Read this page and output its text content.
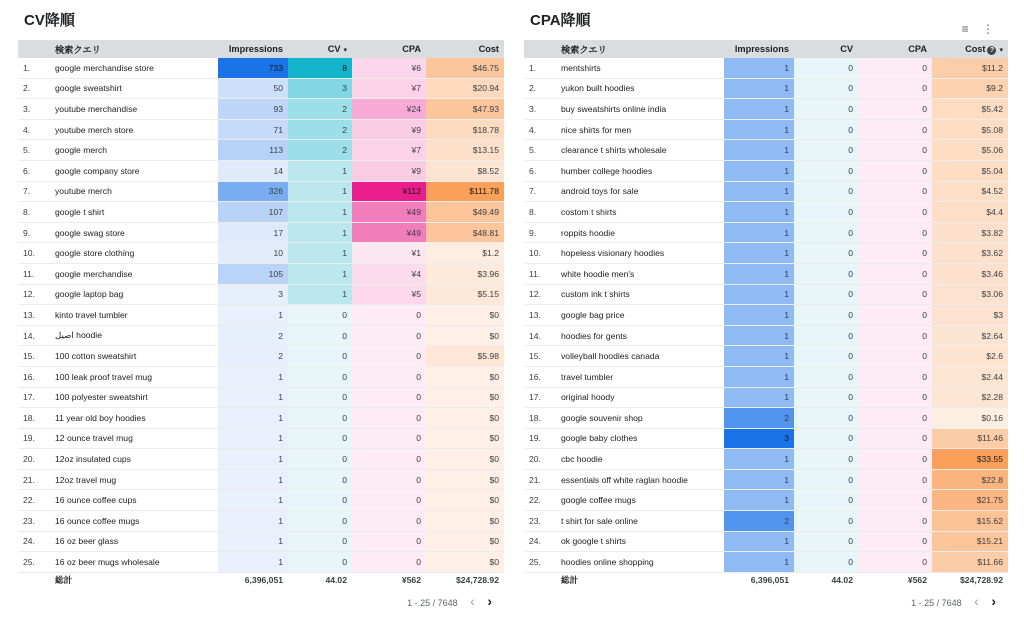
CV降順
	検索クエリ	Impressions	CV ▾	CPA	Cost
1.	google merchandise store	733	8	¥6	$46.75
2.	google sweatshirt	50	3	¥7	$20.94
3.	youtube merchandise	93	2	¥24	$47.93
4.	youtube merch store	71	2	¥9	$18.78
5.	google merch	113	2	¥7	$13.15
6.	google company store	14	1	¥9	$8.52
7.	youtube merch	326	1	¥112	$111.78
8.	google t shirt	107	1	¥49	$49.49
9.	google swag store	17	1	¥49	$48.81
10.	google store clothing	10	1	¥1	$1.2
11.	google merchandise	105	1	¥4	$3.96
12.	google laptop bag	3	1	¥5	$5.15
13.	kinto travel tumbler	1	0	0	$0
14.	اصيل hoodie	2	0	0	$0
15.	100 cotton sweatshirt	2	0	0	$5.98
16.	100 leak proof travel mug	1	0	0	$0
17.	100 polyester sweatshirt	1	0	0	$0
18.	11 year old boy hoodies	1	0	0	$0
19.	12 ounce travel mug	1	0	0	$0
20.	12oz insulated cups	1	0	0	$0
21.	12oz travel mug	1	0	0	$0
22.	16 ounce coffee cups	1	0	0	$0
23.	16 ounce coffee mugs	1	0	0	$0
24.	16 oz beer glass	1	0	0	$0
25.	16 oz beer mugs wholesale	1	0	0	$0
	総計	6,396,051	44.02	¥562	$24,728.92
1 - 25 / 7648 ‹ ›
CPA降順	≡ ⋮
	検索クエリ	Impressions	CV	CPA	Cost ? ▾
1.	mentshirts	1	0	0	$11.2
2.	yukon built hoodies	1	0	0	$9.2
3.	buy sweatshirts online india	1	0	0	$5.42
4.	nice shirts for men	1	0	0	$5.08
5.	clearance t shirts wholesale	1	0	0	$5.06
6.	humber college hoodies	1	0	0	$5.04
7.	android toys for sale	1	0	0	$4.52
8.	costom t shirts	1	0	0	$4.4
9.	roppits hoodie	1	0	0	$3.82
10.	hopeless visionary hoodies	1	0	0	$3.62
11.	white hoodie men's	1	0	0	$3.46
12.	custom ink t shirts	1	0	0	$3.06
13.	google bag price	1	0	0	$3
14.	hoodies for gents	1	0	0	$2.64
15.	volleyball hoodies canada	1	0	0	$2.6
16.	travel tumbler	1	0	0	$2.44
17.	original hoody	1	0	0	$2.28
18.	google souvenir shop	2	0	0	$0.16
19.	google baby clothes	3	0	0	$11.46
20.	cbc hoodie	1	0	0	$33.55
21.	essentials off white raglan hoodie	1	0	0	$22.8
22.	google coffee mugs	1	0	0	$21.75
23.	t shirt for sale online	2	0	0	$15.62
24.	ok google t shirts	1	0	0	$15.21
25.	hoodies online shopping	1	0	0	$11.66
	総計	6,396,051	44.02	¥562	$24,728.92
1 - 25 / 7648 ‹ ›
